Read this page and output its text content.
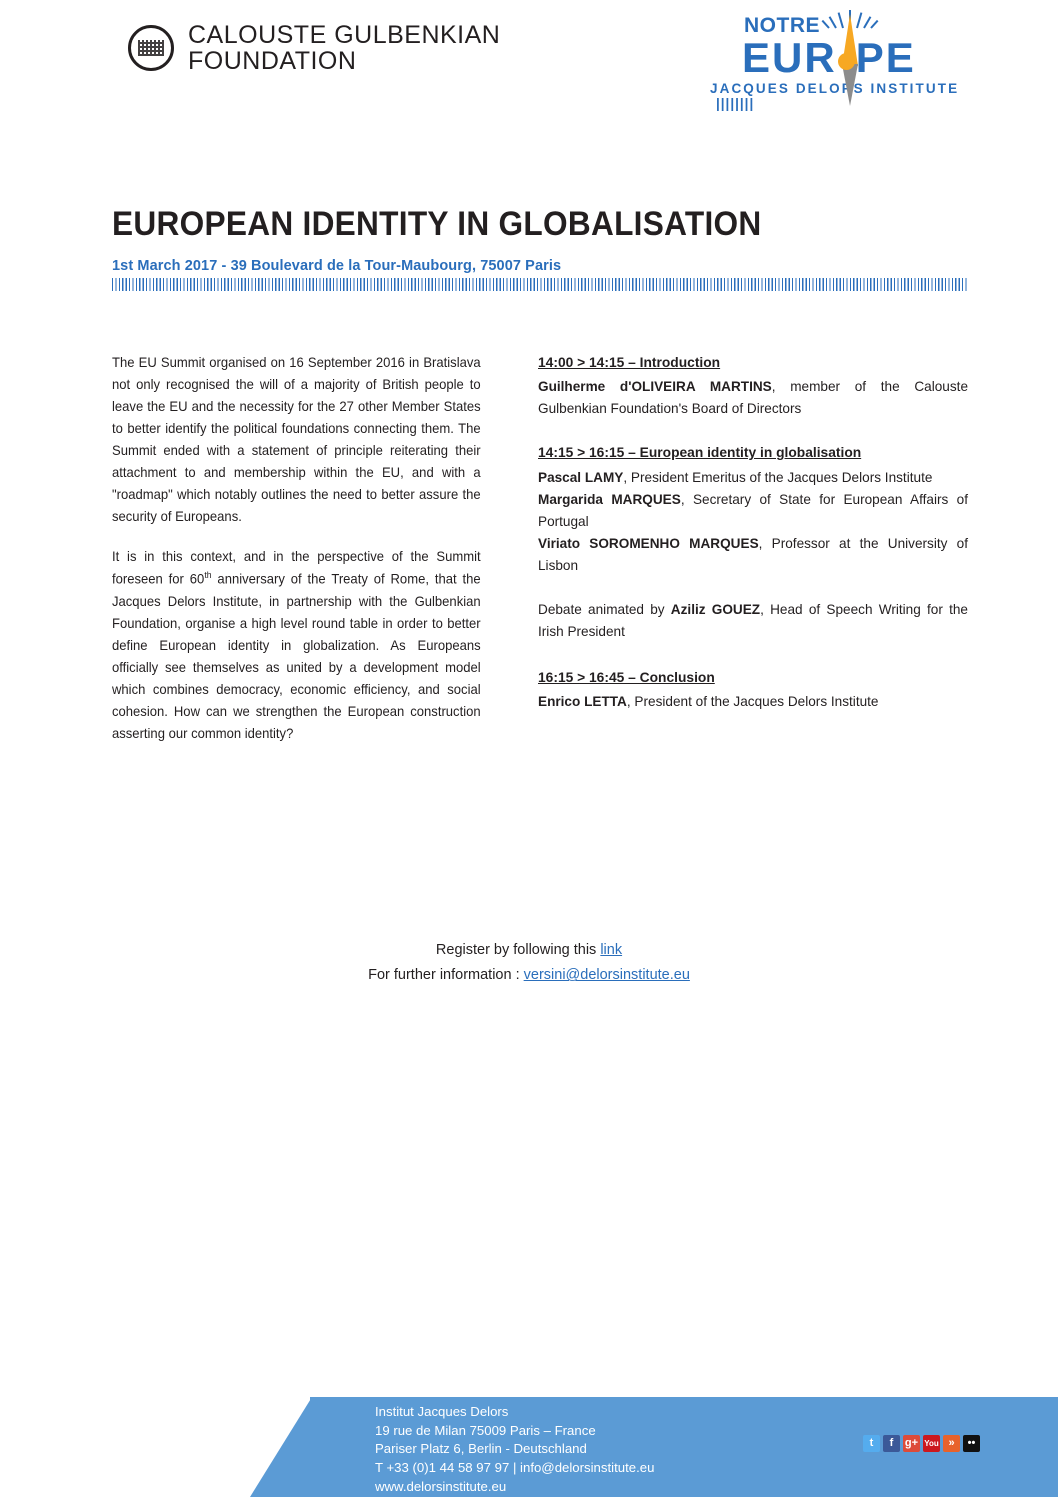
CALOUSTE GULBENKIAN
FOUNDATION
NOTRE
EUR PE
JACQUES DELORS INSTITUTE||||||||
EUROPEAN IDENTITY IN GLOBALISATION
1st March 2017 - 39 Boulevard de la Tour-Maubourg, 75007 Paris

The EU Summit organised on 16 September 2016 in Bratislava not only recognised the will of a majority of British people to leave the EU and the necessity for the 27 other Member States to better identify the political foundations connecting them. The Summit ended with a statement of principle reiterating their attachment to and membership within the EU, and with a "roadmap" which notably outlines the need to better assure the security of Europeans.

It is in this context, and in the perspective of the Summit foreseen for 60th anniversary of the Treaty of Rome, that the Jacques Delors Institute, in partnership with the Gulbenkian Foundation, organise a high level round table in order to better define European identity in globalization. As Europeans officially see themselves as united by a development model which combines democracy, economic efficiency, and social cohesion. How can we strengthen the European construction asserting our common identity?

14:00 > 14:15 – Introduction
Guilherme d'OLIVEIRA MARTINS, member of the Calouste Gulbenkian Foundation's Board of Directors
14:15 > 16:15 – European identity in globalisation
Pascal LAMY, President Emeritus of the Jacques Delors Institute
Margarida MARQUES, Secretary of State for European Affairs of Portugal
Viriato SOROMENHO MARQUES, Professor at the University of Lisbon
Debate animated by Aziliz GOUEZ, Head of Speech Writing for the Irish President
16:15 > 16:45 – Conclusion
Enrico LETTA, President of the Jacques Delors Institute
Register by following this link
For further information : versini@delorsinstitute.eu
Institut Jacques Delors
19 rue de Milan 75009 Paris – France
Pariser Platz 6, Berlin - Deutschland
T +33 (0)1 44 58 97 97 | info@delorsinstitute.eu
www.delorsinstitute.eu
t	f	g+ You »	••
